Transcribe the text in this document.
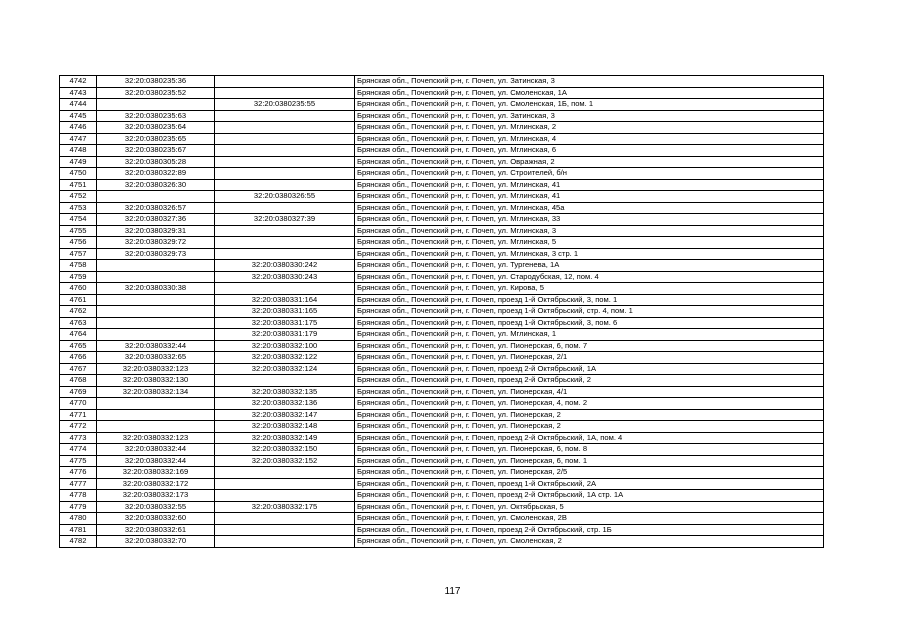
4742	32:20:0380235:36		Брянская обл., Почепский р-н, г. Почеп, ул. Затинская, 3
4743	32:20:0380235:52		Брянская обл., Почепский р-н, г. Почеп, ул. Смоленская, 1А
4744		32:20:0380235:55	Брянская обл., Почепский р-н, г. Почеп, ул. Смоленская, 1Б, пом. 1
4745	32:20:0380235:63		Брянская обл., Почепский р-н, г. Почеп, ул. Затинская, 3
4746	32:20:0380235:64		Брянская обл., Почепский р-н, г. Почеп, ул. Мглинская, 2
4747	32:20:0380235:65		Брянская обл., Почепский р-н, г. Почеп, ул. Мглинская, 4
4748	32:20:0380235:67		Брянская обл., Почепский р-н, г. Почеп, ул. Мглинская, 6
4749	32:20:0380305:28		Брянская обл., Почепский р-н, г. Почеп, ул. Овражная, 2
4750	32:20:0380322:89		Брянская обл., Почепский р-н, г. Почеп, ул. Строителей, б/н
4751	32:20:0380326:30		Брянская обл., Почепский р-н, г. Почеп, ул. Мглинская, 41
4752		32:20:0380326:55	Брянская обл., Почепский р-н, г. Почеп, ул. Мглинская, 41
4753	32:20:0380326:57		Брянская обл., Почепский р-н, г. Почеп, ул. Мглинская, 45а
4754	32:20:0380327:36	32:20:0380327:39	Брянская обл., Почепский р-н, г. Почеп, ул. Мглинская, 33
4755	32:20:0380329:31		Брянская обл., Почепский р-н, г. Почеп, ул. Мглинская, 3
4756	32:20:0380329:72		Брянская обл., Почепский р-н, г. Почеп, ул. Мглинская, 5
4757	32:20:0380329:73		Брянская обл., Почепский р-н, г. Почеп, ул. Мглинская, 3 стр. 1
4758		32:20:0380330:242	Брянская обл., Почепский р-н, г. Почеп, ул. Тургенева, 1А
4759		32:20:0380330:243	Брянская обл., Почепский р-н, г. Почеп, ул. Стародубская, 12, пом. 4
4760	32:20:0380330:38		Брянская обл., Почепский р-н, г. Почеп, ул. Кирова, 5
4761		32:20:0380331:164	Брянская обл., Почепский р-н, г. Почеп, проезд 1-й Октябрьский, 3, пом. 1
4762		32:20:0380331:165	Брянская обл., Почепский р-н, г. Почеп, проезд 1-й Октябрьский, стр. 4, пом. 1
4763		32:20:0380331:175	Брянская обл., Почепский р-н, г. Почеп, проезд 1-й Октябрьский, 3, пом. 6
4764		32:20:0380331:179	Брянская обл., Почепский р-н, г. Почеп, ул. Мглинская, 1
4765	32:20:0380332:44	32:20:0380332:100	Брянская обл., Почепский р-н, г. Почеп, ул. Пионерская, 6, пом. 7
4766	32:20:0380332:65	32:20:0380332:122	Брянская обл., Почепский р-н, г. Почеп, ул. Пионерская, 2/1
4767	32:20:0380332:123	32:20:0380332:124	Брянская обл., Почепский р-н, г. Почеп, проезд 2-й Октябрьский, 1А
4768	32:20:0380332:130		Брянская обл., Почепский р-н, г. Почеп, проезд 2-й Октябрьский, 2
4769	32:20:0380332:134	32:20:0380332:135	Брянская обл., Почепский р-н, г. Почеп, ул. Пионерская, 4/1
4770		32:20:0380332:136	Брянская обл., Почепский р-н, г. Почеп, ул. Пионерская, 4, пом. 2
4771		32:20:0380332:147	Брянская обл., Почепский р-н, г. Почеп, ул. Пионерская, 2
4772		32:20:0380332:148	Брянская обл., Почепский р-н, г. Почеп, ул. Пионерская, 2
4773	32:20:0380332:123	32:20:0380332:149	Брянская обл., Почепский р-н, г. Почеп, проезд 2-й Октябрьский, 1А, пом. 4
4774	32:20:0380332:44	32:20:0380332:150	Брянская обл., Почепский р-н, г. Почеп, ул. Пионерская, 6, пом. 8
4775	32:20:0380332:44	32:20:0380332:152	Брянская обл., Почепский р-н, г. Почеп, ул. Пионерская, 6, пом. 1
4776	32:20:0380332:169		Брянская обл., Почепский р-н, г. Почеп, ул. Пионерская, 2/5
4777	32:20:0380332:172		Брянская обл., Почепский р-н, г. Почеп, проезд 1-й Октябрьский, 2А
4778	32:20:0380332:173		Брянская обл., Почепский р-н, г. Почеп, проезд 2-й Октябрьский, 1А стр. 1А
4779	32:20:0380332:55	32:20:0380332:175	Брянская обл., Почепский р-н, г. Почеп, ул. Октябрьская, 5
4780	32:20:0380332:60		Брянская обл., Почепский р-н, г. Почеп, ул. Смоленская, 2В
4781	32:20:0380332:61		Брянская обл., Почепский р-н, г. Почеп, проезд 2-й Октябрьский, стр. 1Б
4782	32:20:0380332:70		Брянская обл., Почепский р-н, г. Почеп, ул. Смоленская, 2
117
